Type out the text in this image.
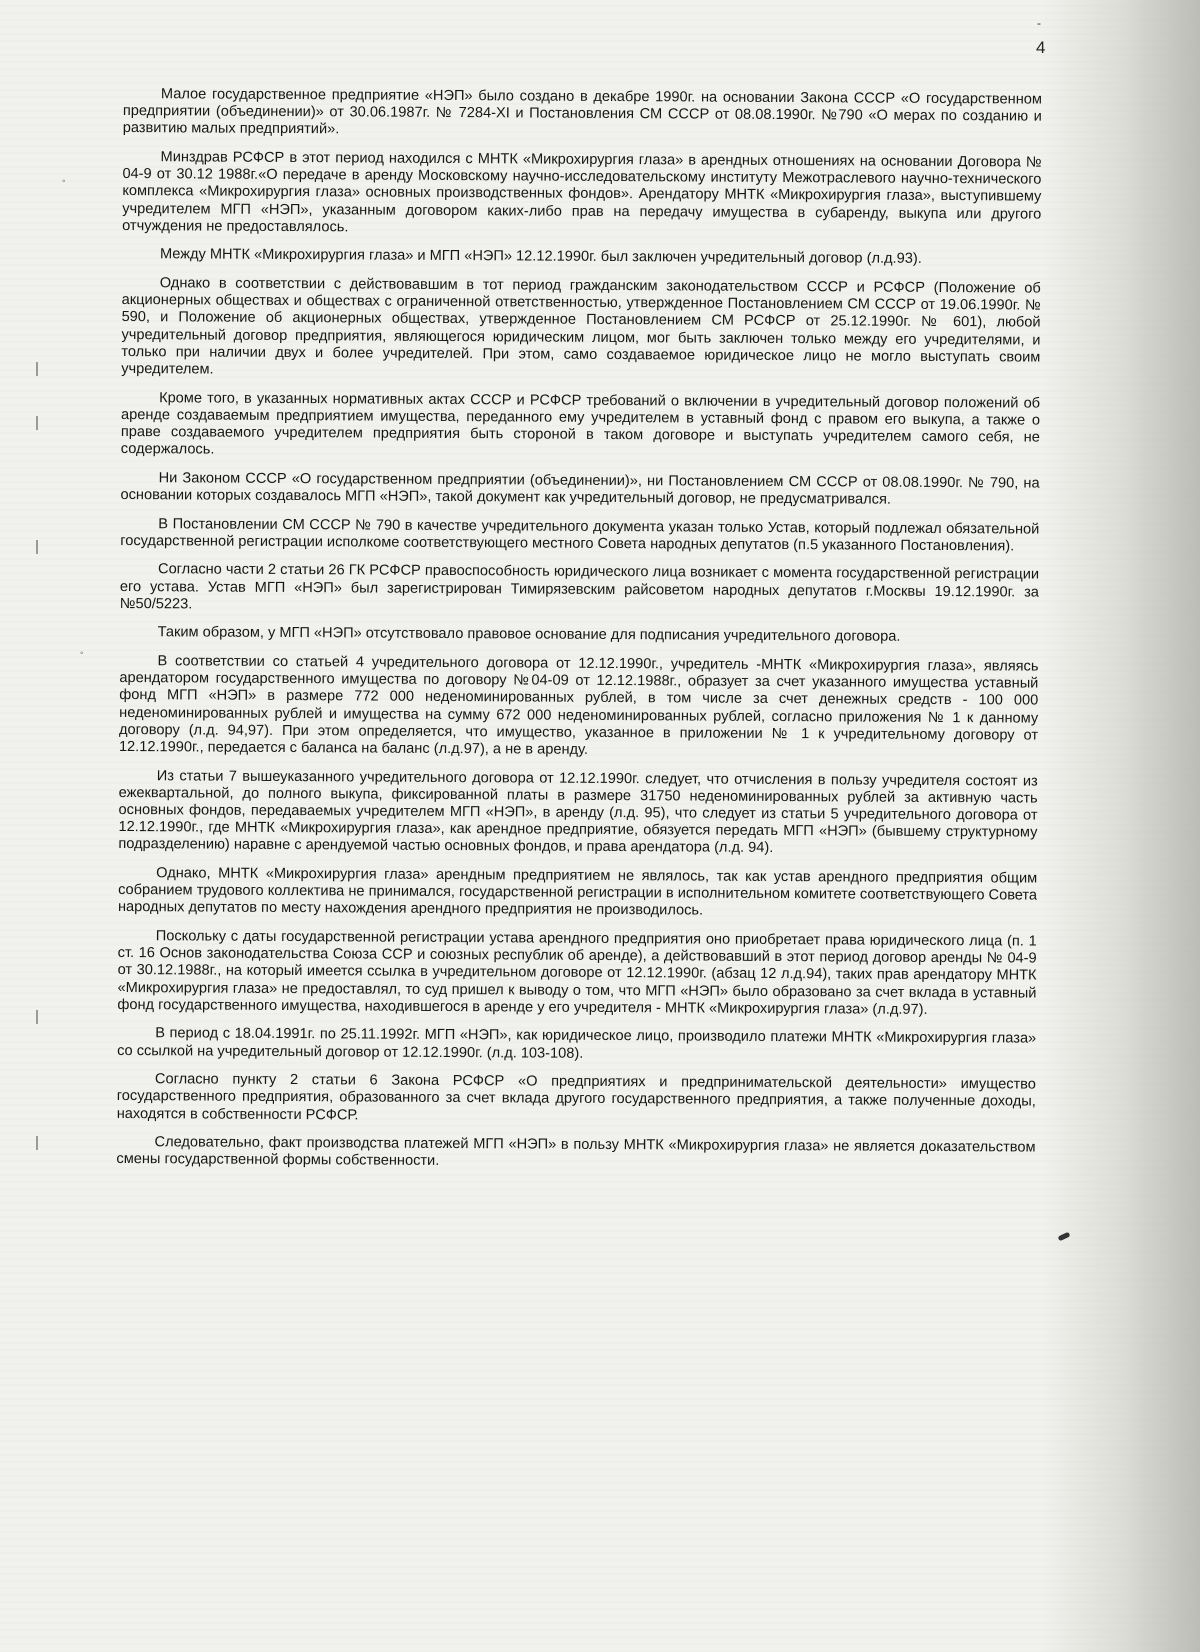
-
4
◦
◦

Малое государственное предприятие «НЭП» было создано в декабре 1990г. на основании Закона СССР «О государственном предприятии (объединении)» от 30.06.1987г. № 7284-XI и Постановления СМ СССР от 08.08.1990г. №790 «О мерах по созданию и развитию малых предприятий».

Минздрав РСФСР в этот период находился с МНТК «Микрохирургия глаза» в арендных отношениях на основании Договора № 04-9 от 30.12 1988г.«О передаче в аренду Московскому научно-исследовательскому институту Межотраслевого научно-технического комплекса «Микрохирургия глаза» основных производственных фондов». Арендатору МНТК «Микрохирургия глаза», выступившему учредителем МГП «НЭП», указанным договором каких-либо прав на передачу имущества в субаренду, выкупа или другого отчуждения не предоставлялось.

Между МНТК «Микрохирургия глаза» и МГП «НЭП» 12.12.1990г. был заключен учредительный договор (л.д.93).

Однако в соответствии с действовавшим в тот период гражданским законодательством СССР и РСФСР (Положение об акционерных обществах и обществах с ограниченной ответственностью, утвержденное Постановлением СМ СССР от 19.06.1990г. № 590, и Положение об акционерных обществах, утвержденное Постановлением СМ РСФСР от 25.12.1990г. № 601), любой учредительный договор предприятия, являющегося юридическим лицом, мог быть заключен только между его учредителями, и только при наличии двух и более учредителей. При этом, само создаваемое юридическое лицо не могло выступать своим учредителем.

Кроме того, в указанных нормативных актах СССР и РСФСР требований о включении в учредительный договор положений об аренде создаваемым предприятием имущества, переданного ему учредителем в уставный фонд с правом его выкупа, а также о праве создаваемого учредителем предприятия быть стороной в таком договоре и выступать учредителем самого себя, не содержалось.

Ни Законом СССР «О государственном предприятии (объединении)», ни Постановлением СМ СССР от 08.08.1990г. № 790, на основании которых создавалось МГП «НЭП», такой документ как учредительный договор, не предусматривался.

В Постановлении СМ СССР № 790 в качестве учредительного документа указан только Устав, который подлежал обязательной государственной регистрации исполкоме соответствующего местного Совета народных депутатов (п.5 указанного Постановления).

Согласно части 2 статьи 26 ГК РСФСР правоспособность юридического лица возникает с момента государственной регистрации его устава. Устав МГП «НЭП» был зарегистрирован Тимирязевским райсоветом народных депутатов г.Москвы 19.12.1990г. за №50/5223.

Таким образом, у МГП «НЭП» отсутствовало правовое основание для подписания учредительного договора.

В соответствии со статьей 4 учредительного договора от 12.12.1990г., учредитель -МНТК «Микрохирургия глаза», являясь арендатором государственного имущества по договору №04-09 от 12.12.1988г., образует за счет указанного имущества уставный фонд МГП «НЭП» в размере 772 000 неденоминированных рублей, в том числе за счет денежных средств - 100 000 неденоминированных рублей и имущества на сумму 672 000 неденоминированных рублей, согласно приложения № 1 к данному договору (л.д. 94,97). При этом определяется, что имущество, указанное в приложении № 1 к учредительному договору от 12.12.1990г., передается с баланса на баланс (л.д.97), а не в аренду.

Из статьи 7 вышеуказанного учредительного договора от 12.12.1990г. следует, что отчисления в пользу учредителя состоят из ежеквартальной, до полного выкупа, фиксированной платы в размере 31750 неденоминированных рублей за активную часть основных фондов, передаваемых учредителем МГП «НЭП», в аренду (л.д. 95), что следует из статьи 5 учредительного договора от 12.12.1990г., где МНТК «Микрохирургия глаза», как арендное предприятие, обязуется передать МГП «НЭП» (бывшему структурному подразделению) наравне с арендуемой частью основных фондов, и права арендатора (л.д. 94).

Однако, МНТК «Микрохирургия глаза» арендным предприятием не являлось, так как устав арендного предприятия общим собранием трудового коллектива не принимался, государственной регистрации в исполнительном комитете соответствующего Совета народных депутатов по месту нахождения арендного предприятия не производилось.

Поскольку с даты государственной регистрации устава арендного предприятия оно приобретает права юридического лица (п. 1 ст. 16 Основ законодательства Союза ССР и союзных республик об аренде), а действовавший в этот период договор аренды № 04-9 от 30.12.1988г., на который имеется ссылка в учредительном договоре от 12.12.1990г. (абзац 12 л.д.94), таких прав арендатору МНТК «Микрохирургия глаза» не предоставлял, то суд пришел к выводу о том, что МГП «НЭП» было образовано за счет вклада в уставный фонд государственного имущества, находившегося в аренде у его учредителя - МНТК «Микрохирургия глаза» (л.д.97).

В период с 18.04.1991г. по 25.11.1992г. МГП «НЭП», как юридическое лицо, производило платежи МНТК «Микрохирургия глаза» со ссылкой на учредительный договор от 12.12.1990г. (л.д. 103-108).

Согласно пункту 2 статьи 6 Закона РСФСР «О предприятиях и предпринимательской деятельности» имущество государственного предприятия, образованного за счет вклада другого государственного предприятия, а также полученные доходы, находятся в собственности РСФСР.

Следовательно, факт производства платежей МГП «НЭП» в пользу МНТК «Микрохирургия глаза» не является доказательством смены государственной формы собственности.
